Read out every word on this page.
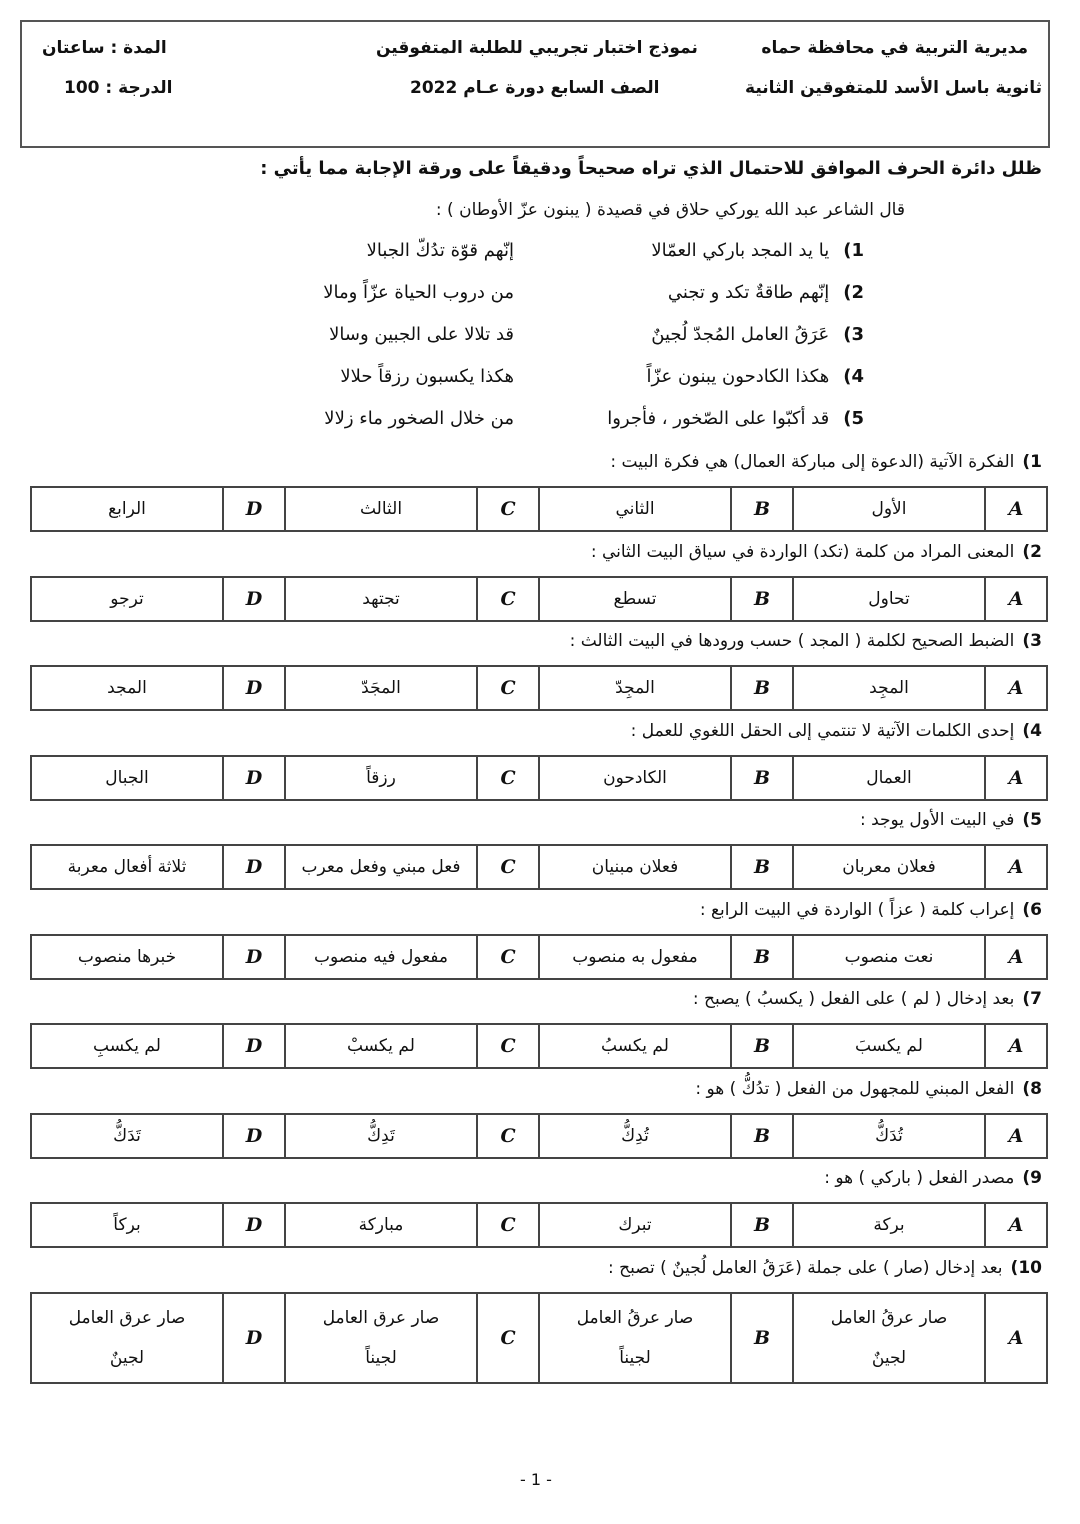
مديرية التربية في محافظة حماه
ثانوية باسل الأسد للمتفوقين الثانية
نموذج اختبار تجريبي للطلبة المتفوقين
الصف السابع دورة عـام 2022
المدة : ساعتان
الدرجة : 100
ظلل دائرة الحرف الموافق للاحتمال الذي تراه صحيحاً ودقيقاً على ورقة الإجابة مما يأتي :
قال الشاعر عبد الله يوركي حلاق في قصيدة ( يبنون عزّ الأوطان ) :
1)يا يد المجد باركي العمّالا
إنّهم قوّة تدُكّ الجبالا
2)إنّهم طاقةٌ تكد و تجني
من دروب الحياة عزّاً ومالا
3)عَرَقُ العامل المُجدّ لُجينٌ
قد تلالا على الجبين وسالا
4)هكذا الكادحون يبنون عزّاً
هكذا يكسبون رزقاً حلالا
5)قد أكبّوا على الصّخور ، فأجروا
من خلال الصخور ماء زلالا
1)الفكرة الآتية (الدعوة إلى مباركة العمال) هي فكرة البيت :
A	الأول	B	الثاني	C	الثالث	D	الرابع
2)المعنى المراد من كلمة (تكد) الواردة في سياق البيت الثاني :
A	تحاول	B	تسطع	C	تجتهد	D	ترجو
3)الضبط الصحيح لكلمة ( المجد ) حسب ورودها في البيت الثالث :
A	المجِد	B	المجِدّ	C	المجَدّ	D	المجد
4)إحدى الكلمات الآتية لا تنتمي إلى الحقل اللغوي للعمل :
A	العمال	B	الكادحون	C	رزقاً	D	الجبال
5)في البيت الأول يوجد :
A	فعلان معربان	B	فعلان مبنيان	C	فعل مبني وفعل معرب	D	ثلاثة أفعال معربة
6)إعراب كلمة ( عزاً ) الواردة في البيت الرابع :
A	نعت منصوب	B	مفعول به منصوب	C	مفعول فيه منصوب	D	خبرها منصوب
7)بعد إدخال ( لم ) على الفعل ( يكسبُ ) يصبح :
A	لم يكسبَ	B	لم يكسبُ	C	لم يكسبْ	D	لم يكسبِ
8)الفعل المبني للمجهول من الفعل ( تدُكُّ ) هو :
A	تُدَكُّ	B	تُدِكُّ	C	تَدِكُّ	D	تَدَكُّ
9)مصدر الفعل ( باركي ) هو :
A	بركة	B	تبرك	C	مباركة	D	بركاً
10)بعد إدخال (صار ) على جملة (عَرَقُ العامل لُجينٌ ) تصبح :
A	صار عرقُ العامل
لجينٌ	B	صار عرقُ العامل
لجيناً	C	صار عرق العامل
لجيناً	D	صار عرق العامل
لجينٌ
- 1 -
